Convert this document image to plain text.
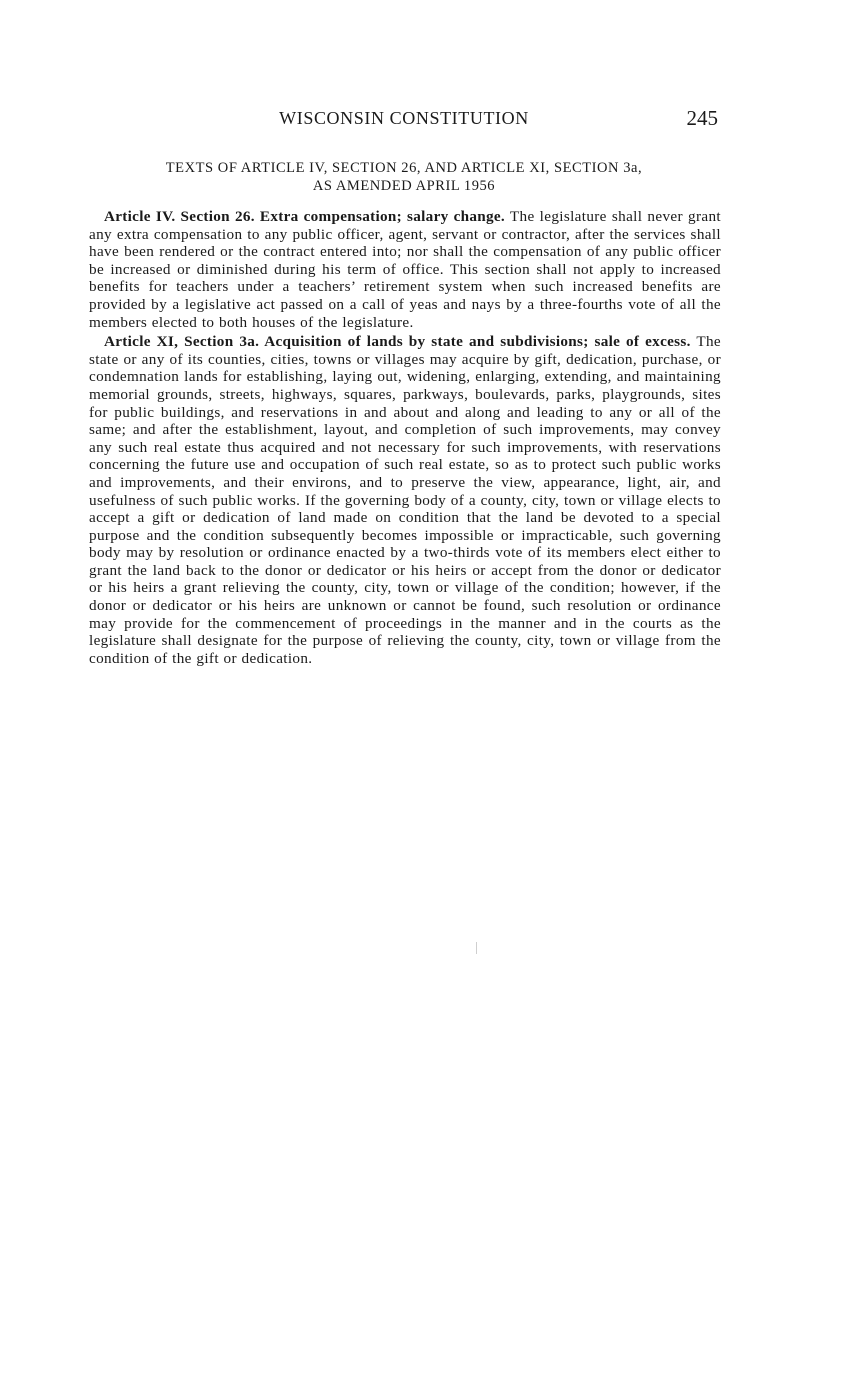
WISCONSIN CONSTITUTION	245
TEXTS OF ARTICLE IV, SECTION 26, AND ARTICLE XI, SECTION 3a,
AS AMENDED APRIL 1956

Article IV. Section 26. Extra compensation; salary change. The legislature shall never grant any extra compensation to any public officer, agent, servant or contractor, after the services shall have been rendered or the contract entered into; nor shall the compensation of any public officer be increased or diminished during his term of office. This section shall not apply to increased benefits for teachers under a teachers’ retirement system when such increased benefits are provided by a legislative act passed on a call of yeas and nays by a three-fourths vote of all the members elected to both houses of the legislature.

Article XI, Section 3a. Acquisition of lands by state and subdivisions; sale of excess. The state or any of its counties, cities, towns or villages may acquire by gift, dedication, purchase, or condemnation lands for establishing, laying out, widening, enlarging, extending, and maintaining memorial grounds, streets, highways, squares, parkways, boulevards, parks, playgrounds, sites for public buildings, and reservations in and about and along and leading to any or all of the same; and after the establishment, layout, and completion of such improvements, may convey any such real estate thus acquired and not necessary for such improvements, with reservations concerning the future use and occupation of such real estate, so as to protect such public works and improvements, and their environs, and to preserve the view, appearance, light, air, and usefulness of such public works. If the governing body of a county, city, town or village elects to accept a gift or dedication of land made on condition that the land be devoted to a special purpose and the condition subsequently becomes impossible or impracticable, such governing body may by resolution or ordinance enacted by a two-thirds vote of its members elect either to grant the land back to the donor or dedicator or his heirs or accept from the donor or dedicator or his heirs a grant relieving the county, city, town or village of the condition; however, if the donor or dedicator or his heirs are unknown or cannot be found, such resolution or ordinance may provide for the commencement of proceedings in the manner and in the courts as the legislature shall designate for the purpose of relieving the county, city, town or village from the condition of the gift or dedication.
